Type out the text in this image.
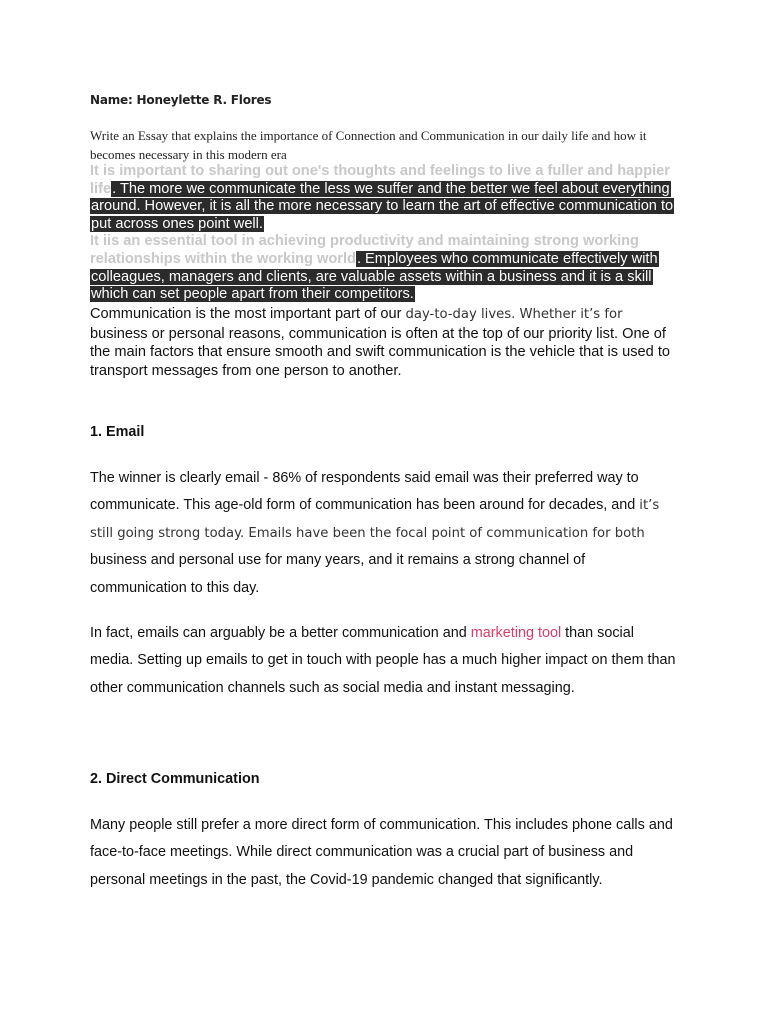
Name: Honeylette R. Flores
Write an Essay that explains the importance of Connection and Communication in our daily life and how it becomes necessary in this modern era
It is important to sharing out one's thoughts and feelings to live a fuller and happier life. The more we communicate the less we suffer and the better we feel about everything around. However, it is all the more necessary to learn the art of effective communication to put across ones point well.
It iis an essential tool in achieving productivity and maintaining strong working relationships within the working world. Employees who communicate effectively with colleagues, managers and clients, are valuable assets within a business and it is a skill which can set people apart from their competitors.
Communication is the most important part of our day-to-day lives. Whether it’s for business or personal reasons, communication is often at the top of our priority list. One of the main factors that ensure smooth and swift communication is the vehicle that is used to transport messages from one person to another.
1. Email
The winner is clearly email - 86% of respondents said email was their preferred way to communicate. This age-old form of communication has been around for decades, and it’s still going strong today. Emails have been the focal point of communication for both business and personal use for many years, and it remains a strong channel of communication to this day.
In fact, emails can arguably be a better communication and marketing tool than social media. Setting up emails to get in touch with people has a much higher impact on them than other communication channels such as social media and instant messaging.
2. Direct Communication
Many people still prefer a more direct form of communication. This includes phone calls and face-to-face meetings. While direct communication was a crucial part of business and personal meetings in the past, the Covid-19 pandemic changed that significantly.
